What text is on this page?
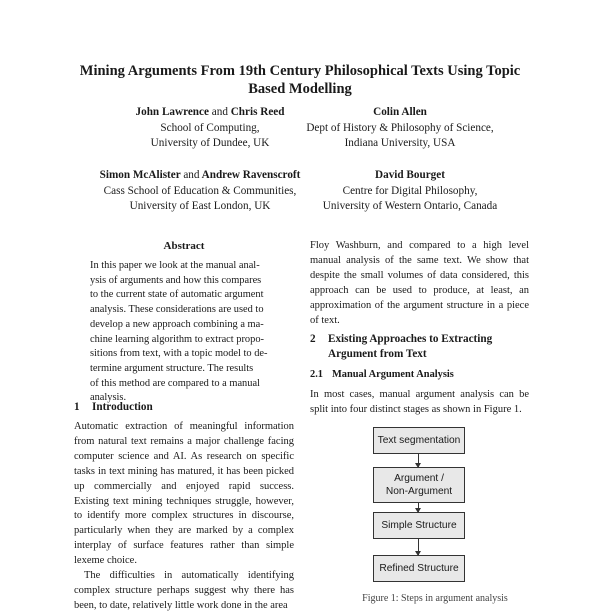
Mining Arguments From 19th Century Philosophical Texts Using Topic
Based Modelling
John Lawrence and Chris Reed
School of Computing,
University of Dundee, UK
Colin Allen
Dept of History & Philosophy of Science,
Indiana University, USA
Simon McAlister and Andrew Ravenscroft
Cass School of Education & Communities,
University of East London, UK
David Bourget
Centre for Digital Philosophy,
University of Western Ontario, Canada
Abstract
In this paper we look at the manual anal-
ysis of arguments and how this compares
to the current state of automatic argument
analysis. These considerations are used to
develop a new approach combining a ma-
chine learning algorithm to extract propo-
sitions from text, with a topic model to de-
termine argument structure. The results
of this method are compared to a manual
analysis.
1	Introduction

Automatic extraction of meaningful information from natural text remains a major challenge facing computer science and AI. As research on specific tasks in text mining has matured, it has been picked up commercially and enjoyed rapid success. Existing text mining techniques struggle, however, to identify more complex structures in discourse, particularly when they are marked by a complex interplay of surface features rather than simple lexeme choice.

The difficulties in automatically identifying complex structure perhaps suggest why there has been, to date, relatively little work done in the area

Floy Washburn, and compared to a high level manual analysis of the same text. We show that despite the small volumes of data considered, this approach can be used to produce, at least, an approximation of the argument structure in a piece of text.

2	Existing Approaches to Extracting
Argument from Text
2.1 Manual Argument Analysis

In most cases, manual argument analysis can be split into four distinct stages as shown in Figure 1.

Text segmentation
Argument /
Non-Argument
Simple Structure
Refined Structure
Figure 1: Steps in argument analysis
